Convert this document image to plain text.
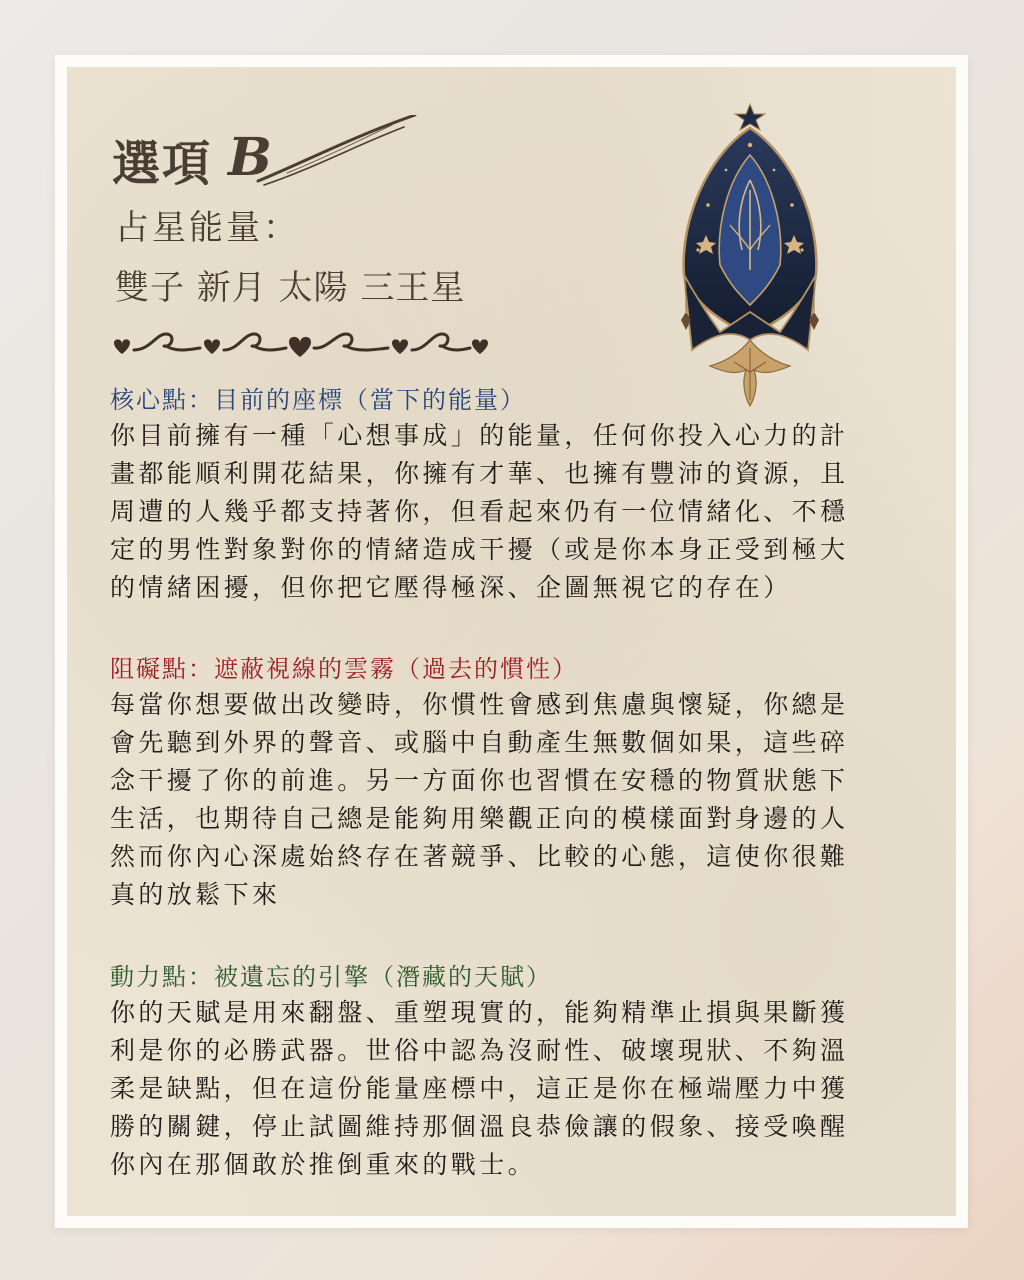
選項 B
占星能量：
雙子 新月 太陽 三王星
核心點：目前的座標（當下的能量）

你目前擁有一種「心想事成」的能量，任何你投入心力的計
畫都能順利開花結果，你擁有才華、也擁有豐沛的資源，且
周遭的人幾乎都支持著你，但看起來仍有一位情緒化、不穩
定的男性對象對你的情緒造成干擾（或是你本身正受到極大
的情緒困擾，但你把它壓得極深、企圖無視它的存在）

阻礙點：遮蔽視線的雲霧（過去的慣性）

每當你想要做出改變時，你慣性會感到焦慮與懷疑，你總是
會先聽到外界的聲音、或腦中自動產生無數個如果，這些碎
念干擾了你的前進。另一方面你也習慣在安穩的物質狀態下
生活，也期待自己總是能夠用樂觀正向的模樣面對身邊的人
然而你內心深處始終存在著競爭、比較的心態，這使你很難
真的放鬆下來

動力點：被遺忘的引擎（潛藏的天賦）

你的天賦是用來翻盤、重塑現實的，能夠精準止損與果斷獲
利是你的必勝武器。世俗中認為沒耐性、破壞現狀、不夠溫
柔是缺點，但在這份能量座標中，這正是你在極端壓力中獲
勝的關鍵，停止試圖維持那個溫良恭儉讓的假象、接受喚醒
你內在那個敢於推倒重來的戰士。
